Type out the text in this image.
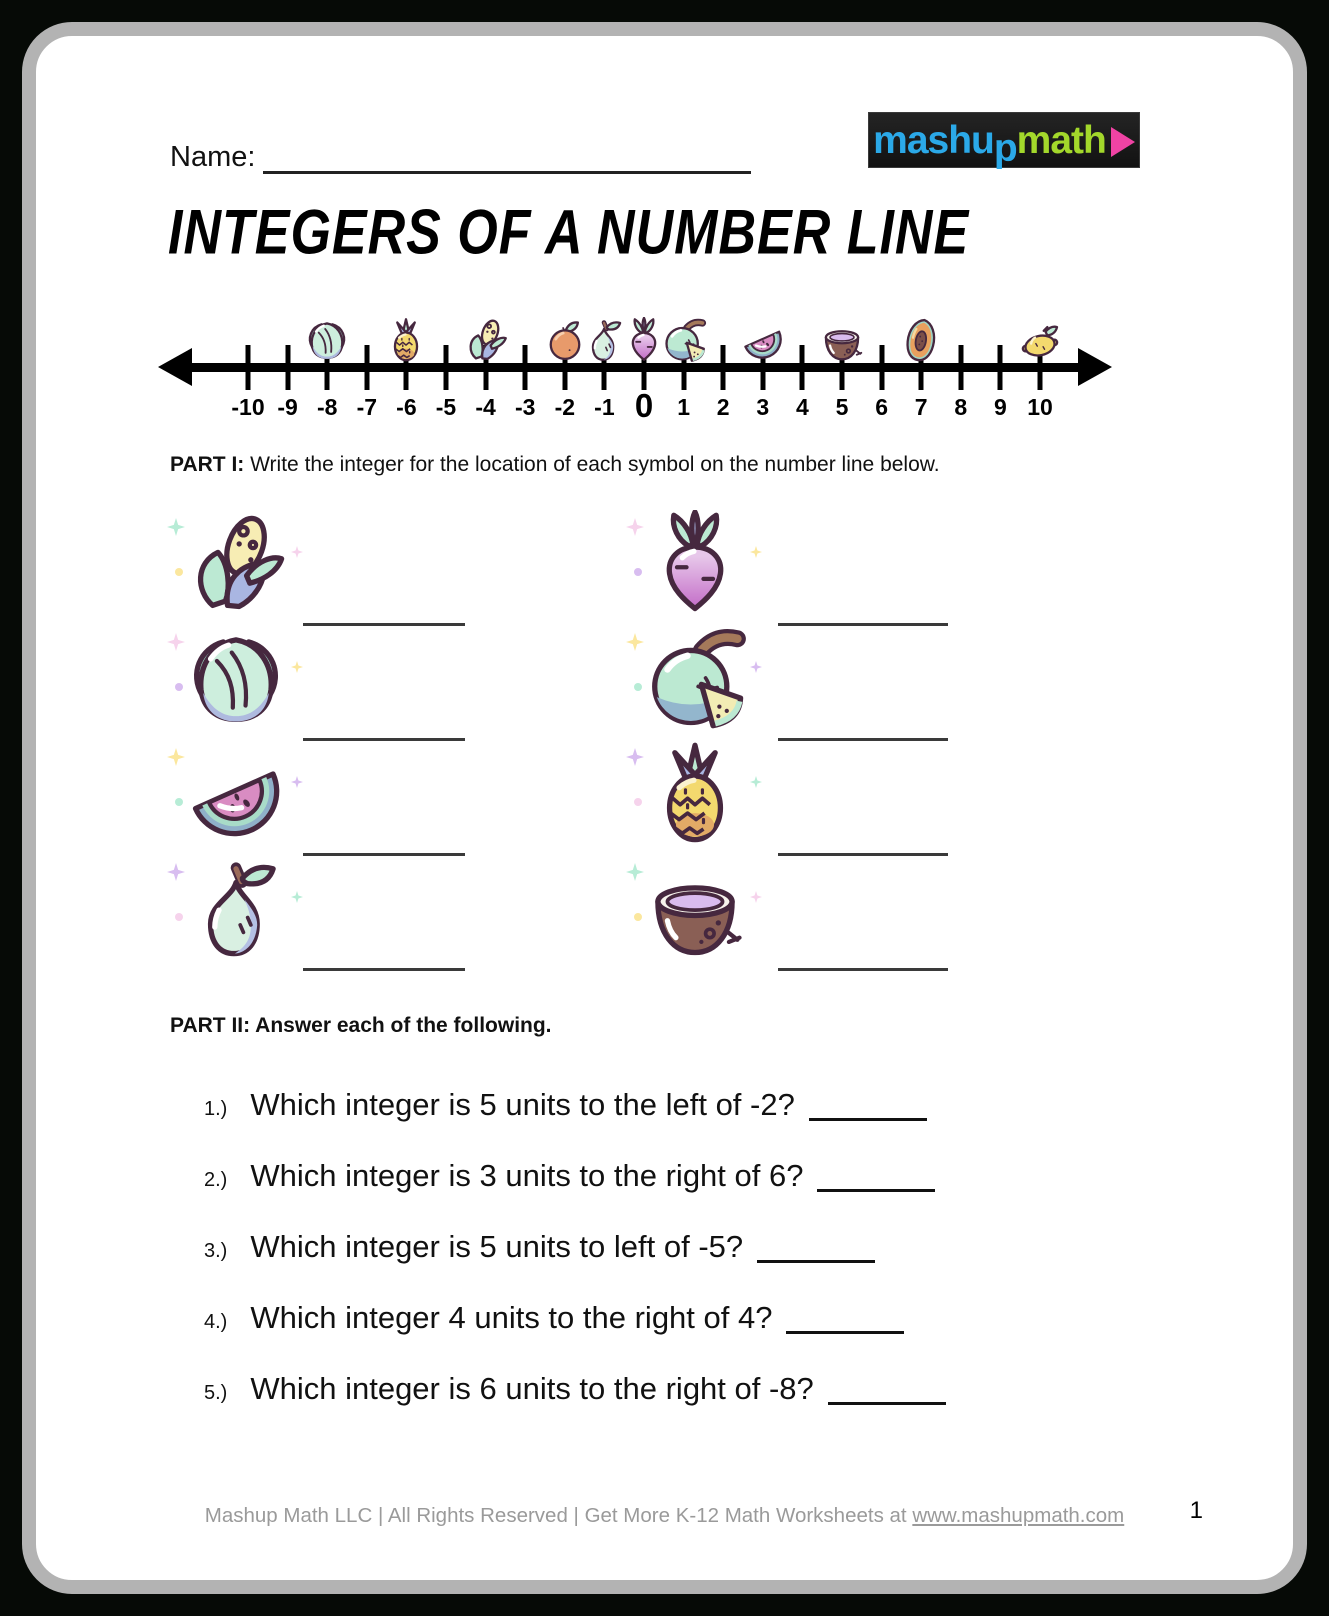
Name:	mashu p math
INTEGERS OF A NUMBER LINE
-10 -9 -8 -7 -6 -5 -4 -3 -2 -1 0 1 2 3 4 5 6 7 8 9 10
PART I: Write the integer for the location of each symbol on the number line below.
PART II: Answer each of the following.
1.) Which integer is 5 units to the left of -2?
2.) Which integer is 3 units to the right of 6?
3.) Which integer is 5 units to left of -5?
4.) Which integer 4 units to the right of 4?
5.) Which integer is 6 units to the right of -8?
Mashup Math LLC | All Rights Reserved | Get More K-12 Math Worksheets at www.mashupmath.com	1
